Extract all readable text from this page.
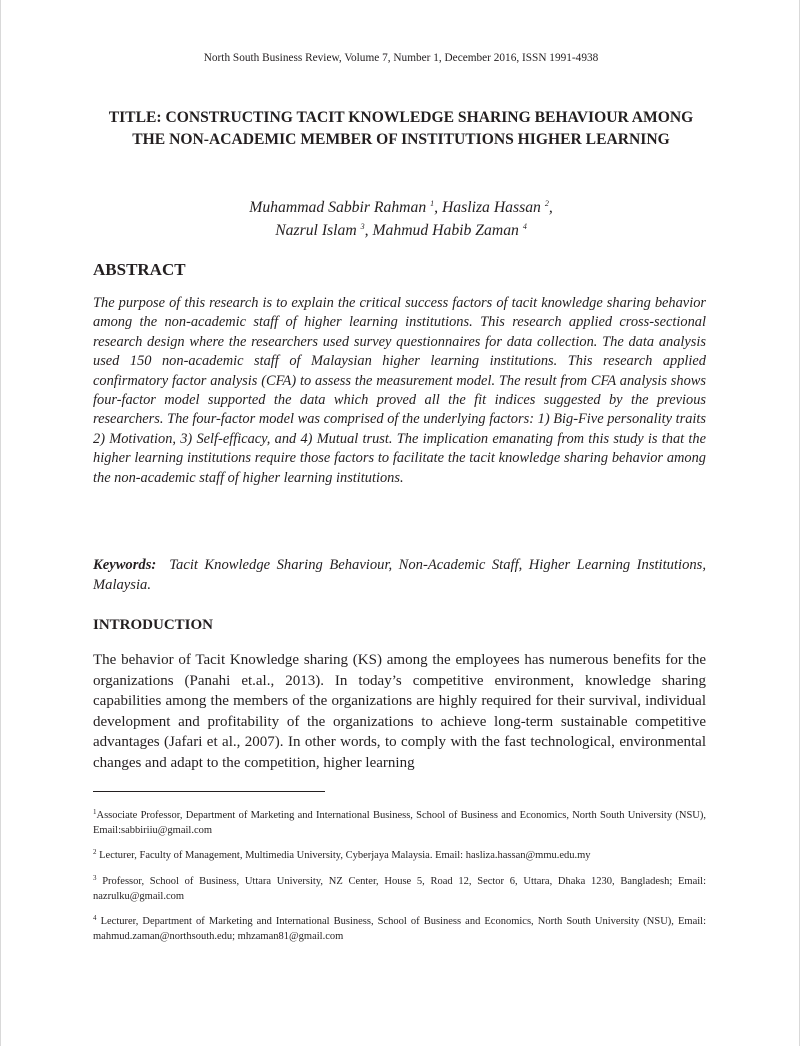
North South Business Review, Volume 7, Number 1, December 2016, ISSN 1991-4938
TITLE: CONSTRUCTING TACIT KNOWLEDGE SHARING BEHAVIOUR AMONG THE NON-ACADEMIC MEMBER OF INSTITUTIONS HIGHER LEARNING
Muhammad Sabbir Rahman $^1$, Hasliza Hassan $^2$,
Nazrul Islam $^3$, Mahmud Habib Zaman $^4$
ABSTRACT

The purpose of this research is to explain the critical success factors of tacit knowledge sharing behavior among the non-academic staff of higher learning institutions. This research applied cross-sectional research design where the researchers used survey questionnaires for data collection. The data analysis used 150 non-academic staff of Malaysian higher learning institutions. This research applied confirmatory factor analysis (CFA) to assess the measurement model. The result from CFA analysis shows four-factor model supported the data which proved all the fit indices suggested by the previous researchers. The four-factor model was comprised of the underlying factors: 1) Big-Five personality traits 2) Motivation, 3) Self-efficacy, and 4) Mutual trust. The implication emanating from this study is that the higher learning institutions require those factors to facilitate the tacit knowledge sharing behavior among the non-academic staff of higher learning institutions.

Keywords: Tacit Knowledge Sharing Behaviour, Non-Academic Staff, Higher Learning Institutions, Malaysia.

INTRODUCTION

The behavior of Tacit Knowledge sharing (KS) among the employees has numerous benefits for the organizations (Panahi et.al., 2013). In today’s competitive environment, knowledge sharing capabilities among the members of the organizations are highly required for their survival, individual development and profitability of the organizations to achieve long-term sustainable competitive advantages (Jafari et al., 2007). In other words, to comply with the fast technological, environmental changes and adapt to the competition, higher learning

$^1$Associate Professor, Department of Marketing and International Business, School of Business and Economics, North South University (NSU), Email:sabbiriiu@gmail.com

$^2$ Lecturer, Faculty of Management, Multimedia University, Cyberjaya Malaysia. Email: hasliza.hassan@mmu.edu.my

$^3$ Professor, School of Business, Uttara University, NZ Center, House 5, Road 12, Sector 6, Uttara, Dhaka 1230, Bangladesh; Email: nazrulku@gmail.com

$^4$ Lecturer, Department of Marketing and International Business, School of Business and Economics, North South University (NSU), Email: mahmud.zaman@northsouth.edu; mhzaman81@gmail.com
